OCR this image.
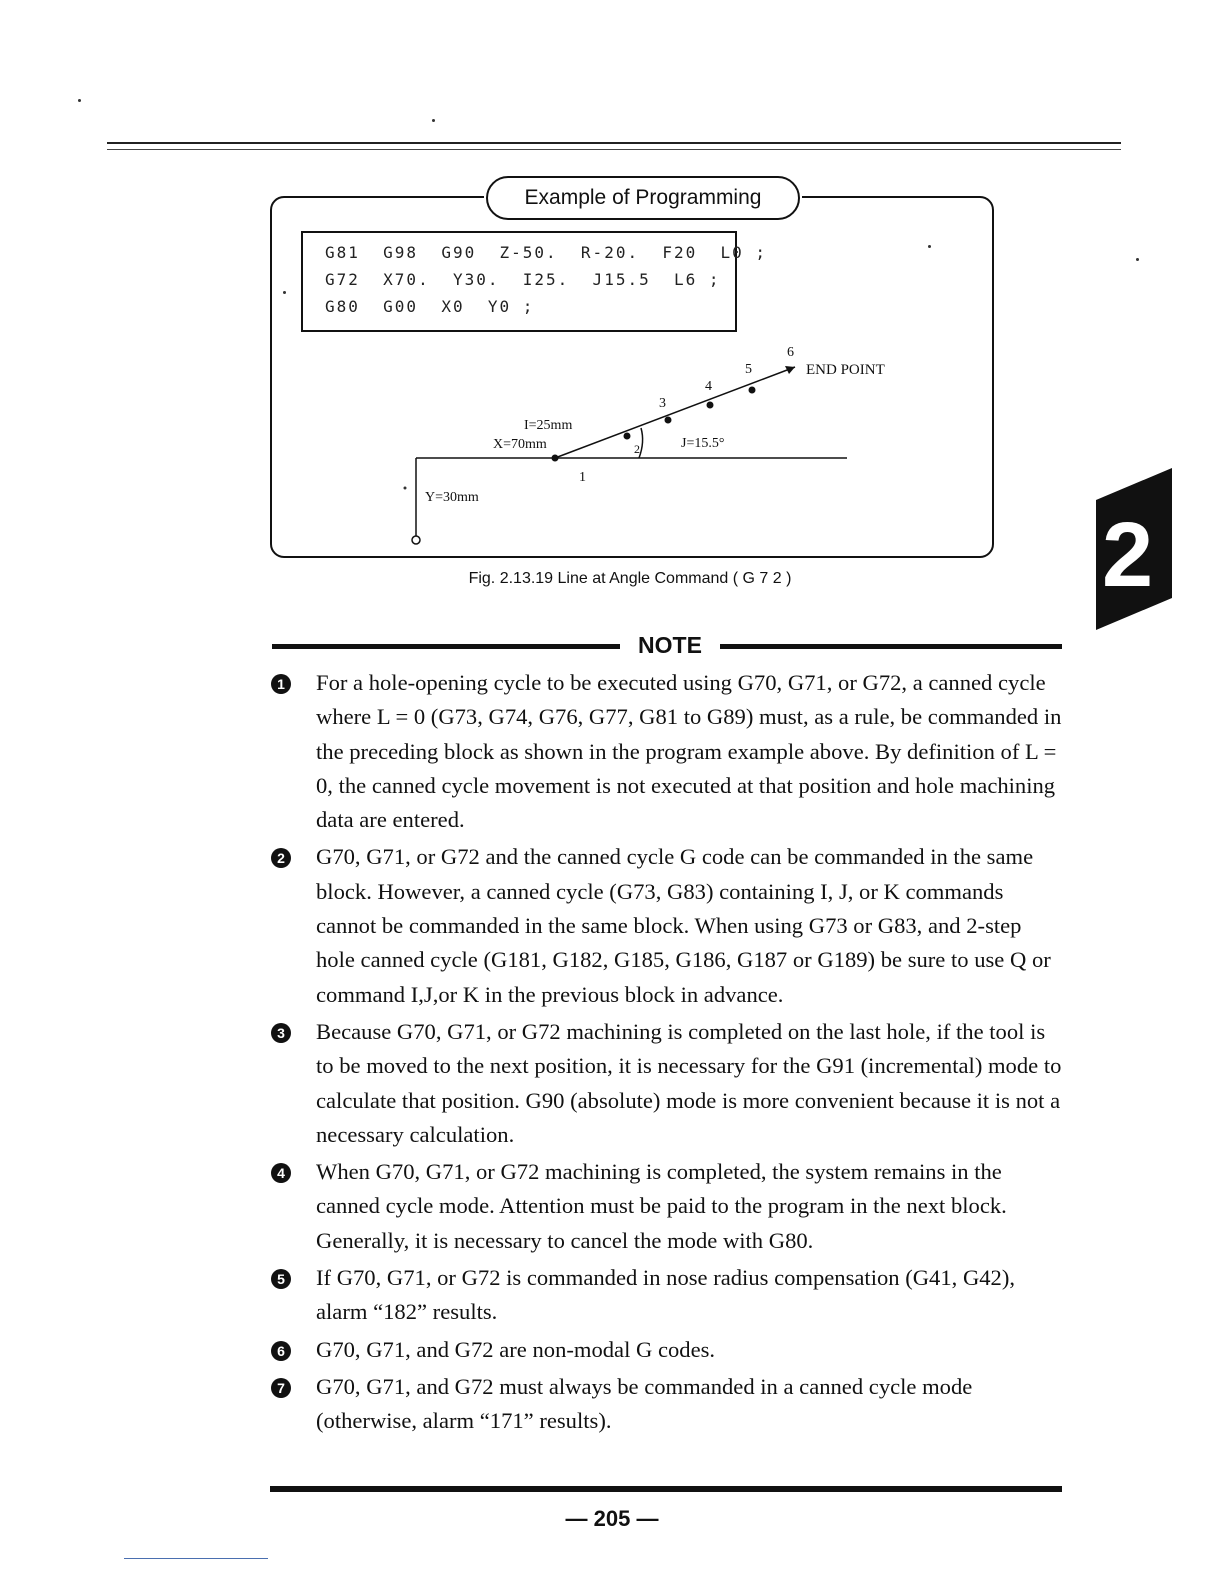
Example of Programming
G81  G98  G90  Z-50.  R-20.  F20  L0 ;
G72  X70.  Y30.  I25.  J15.5  L6 ;
G80  G00  X0  Y0 ;
1
2
3
4
5
6
END POINT
I=25mm
X=70mm	J=15.5°
Y=30mm
Fig. 2.13.19 Line at Angle Command ( G 7 2 )	2
NOTE
1 For a hole-opening cycle to be executed using G70, G71, or G72, a canned cycle where L = 0 (G73, G74, G76, G77, G81 to G89) must, as a rule, be commanded in the preceding block as shown in the program example above. By definition of L = 0, the canned cycle movement is not executed at that position and hole machining data are entered.
2 G70, G71, or G72 and the canned cycle G code can be commanded in the same block. However, a canned cycle (G73, G83) containing I, J, or K commands cannot be commanded in the same block. When using G73 or G83, and 2-step hole canned cycle (G181, G182, G185, G186, G187 or G189) be sure to use Q or command I,J,or K in the previous block in advance.
3 Because G70, G71, or G72 machining is completed on the last hole, if the tool is to be moved to the next position, it is necessary for the G91 (incremental) mode to calculate that position. G90 (absolute) mode is more convenient because it is not a necessary calculation.
4 When G70, G71, or G72 machining is completed, the system remains in the canned cycle mode. Attention must be paid to the program in the next block. Generally, it is necessary to cancel the mode with G80.
5 If G70, G71, or G72 is commanded in nose radius compensation (G41, G42), alarm “182” results.
6 G70, G71, and G72 are non-modal G codes.
7 G70, G71, and G72 must always be commanded in a canned cycle mode (otherwise, alarm “171” results).
— 205 —
